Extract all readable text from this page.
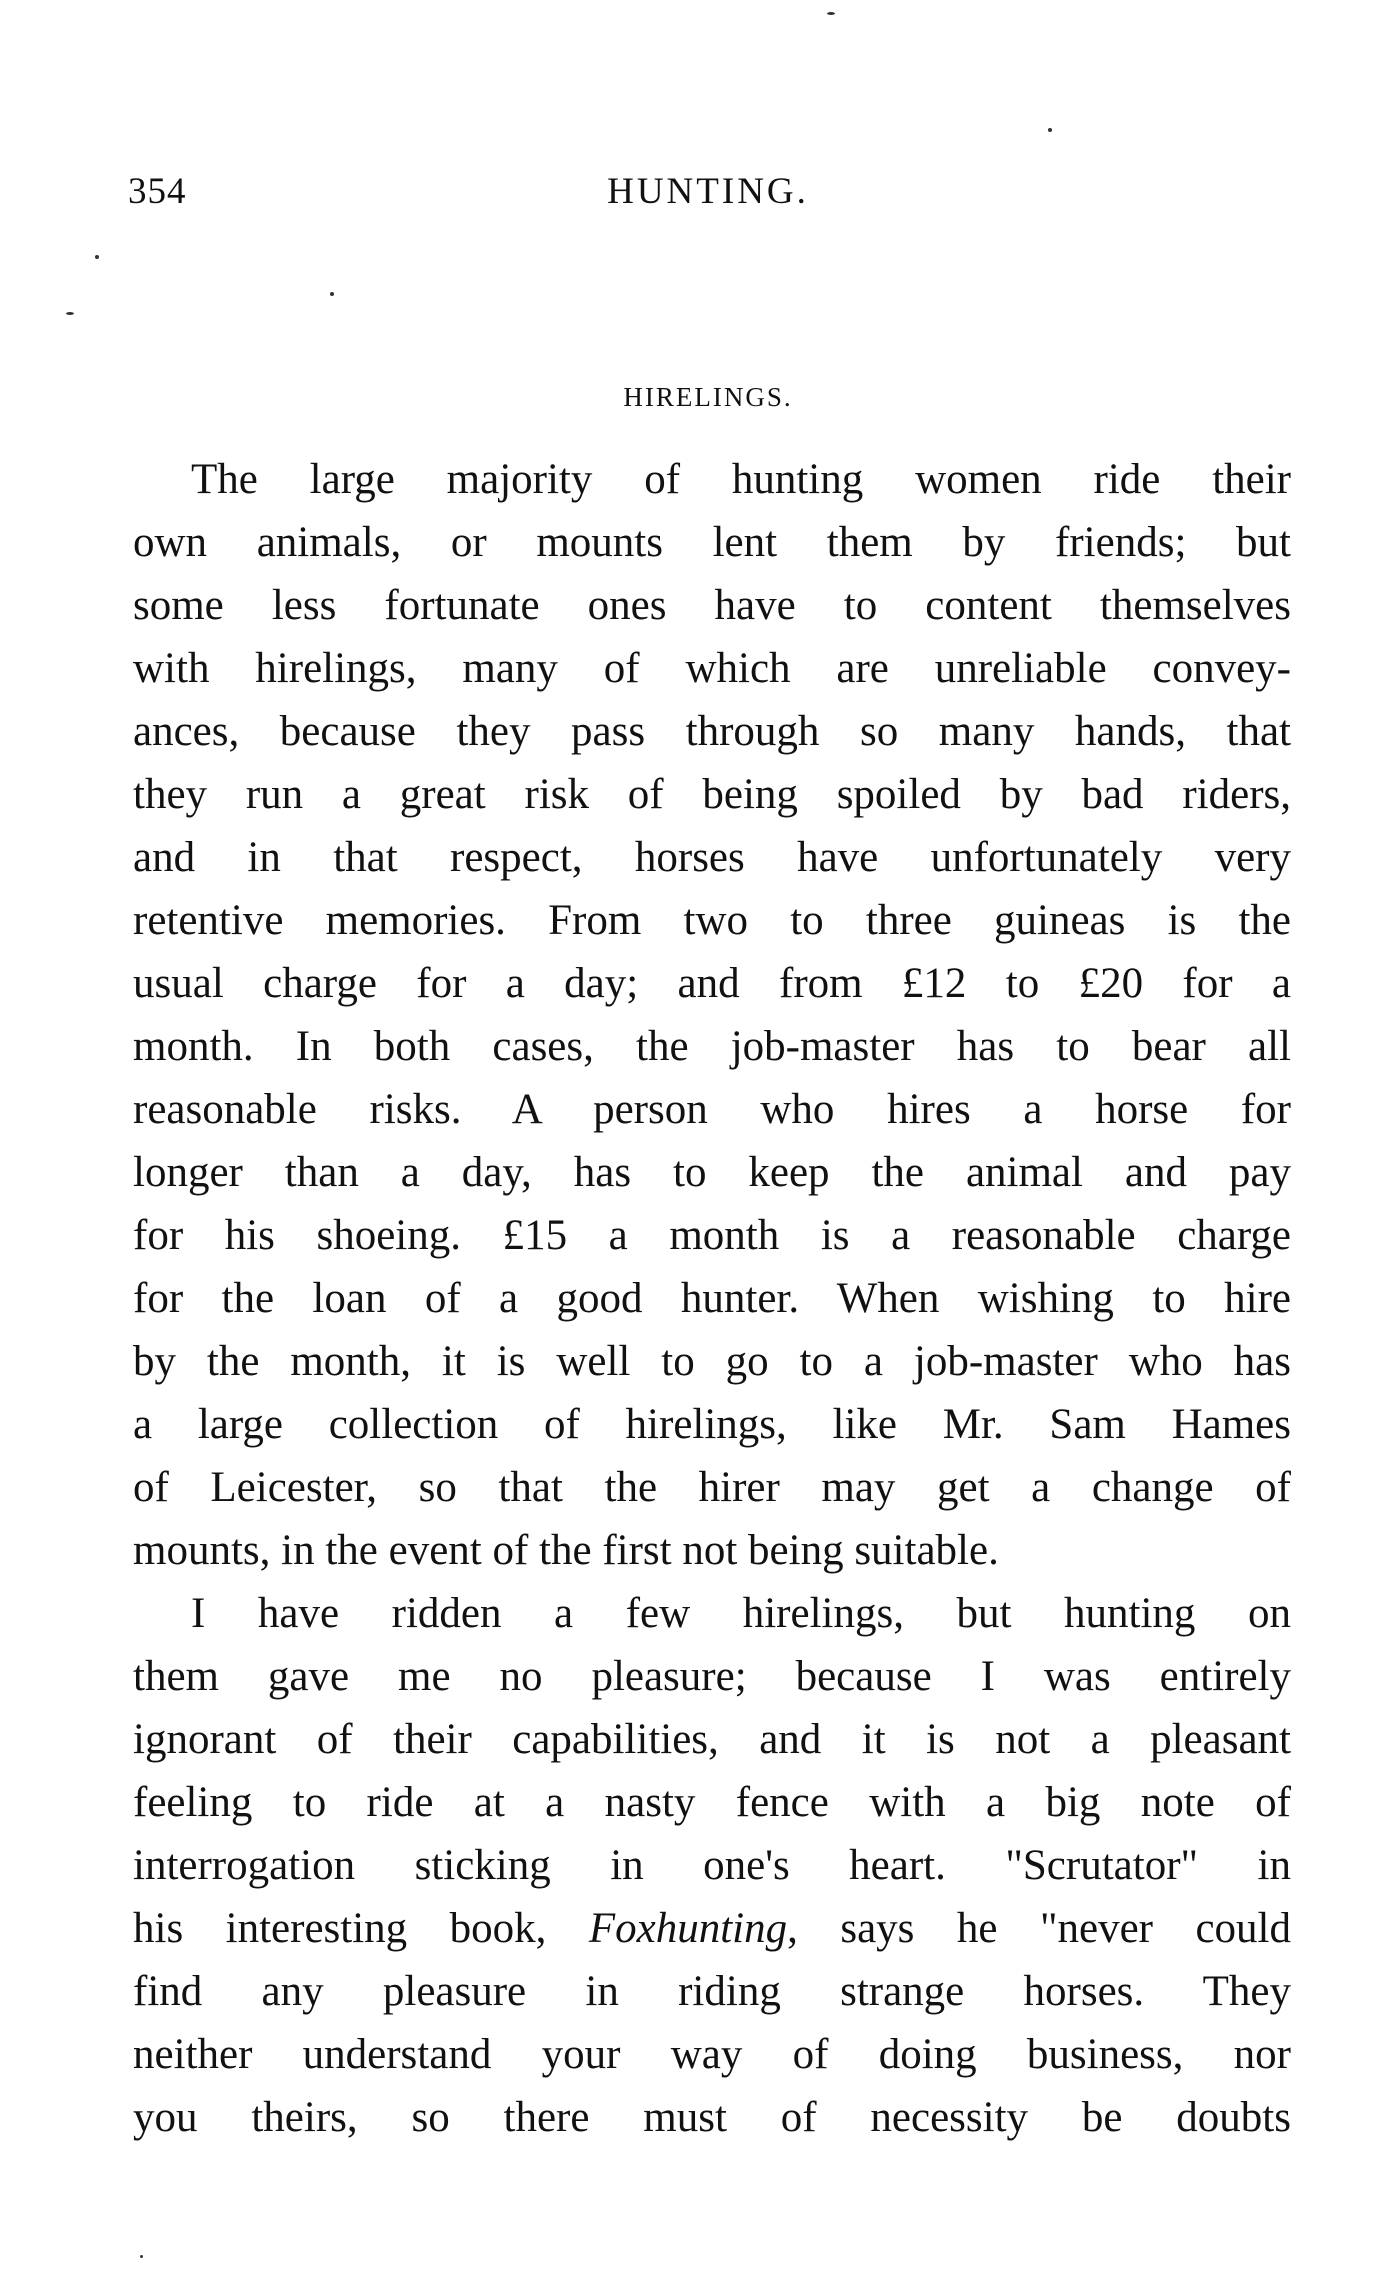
354	HUNTING.
HIRELINGS.

The large majority of hunting women ride their
own animals, or mounts lent them by friends; but
some less fortunate ones have to content themselves
with hirelings, many of which are unreliable convey-
ances, because they pass through so many hands, that
they run a great risk of being spoiled by bad riders,
and in that respect, horses have unfortunately very
retentive memories. From two to three guineas is the
usual charge for a day; and from £12 to £20 for a
month. In both cases, the job-master has to bear all
reasonable risks. A person who hires a horse for
longer than a day, has to keep the animal and pay
for his shoeing. £15 a month is a reasonable charge
for the loan of a good hunter. When wishing to hire
by the month, it is well to go to a job-master who has
a large collection of hirelings, like Mr. Sam Hames
of Leicester, so that the hirer may get a change of
mounts, in the event of the first not being suitable.

I have ridden a few hirelings, but hunting on
them gave me no pleasure; because I was entirely
ignorant of their capabilities, and it is not a pleasant
feeling to ride at a nasty fence with a big note of
interrogation sticking in one's heart. "Scrutator" in
his interesting book, Foxhunting, says he "never could
find any pleasure in riding strange horses. They
neither understand your way of doing business, nor
you theirs, so there must of necessity be doubts
